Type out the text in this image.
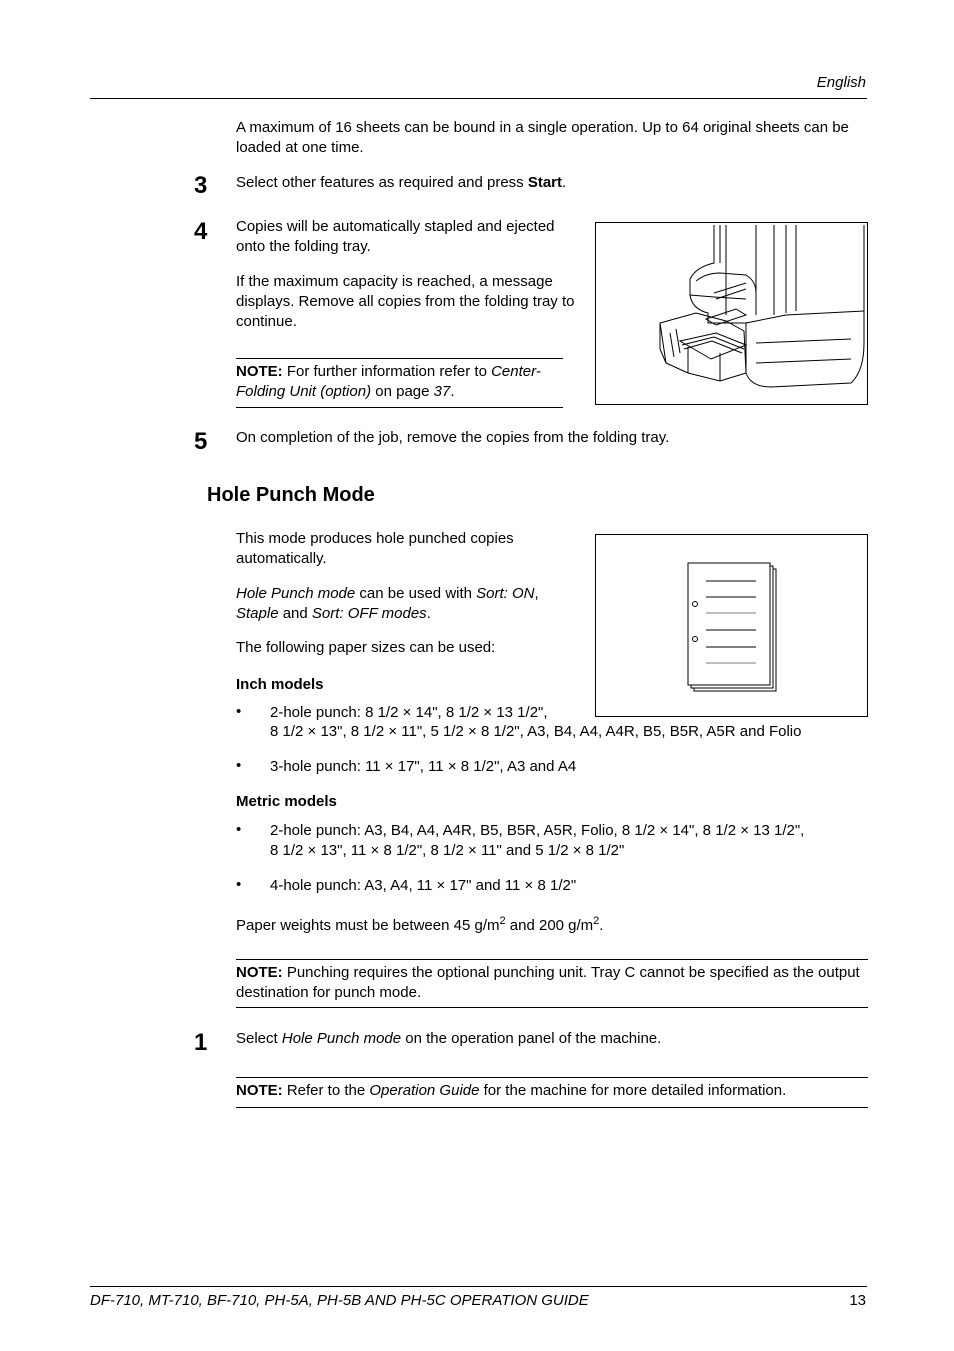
English
A maximum of 16 sheets can be bound in a single operation. Up to 64 original sheets can be loaded at one time.
3 Select other features as required and press Start.
4 Copies will be automatically stapled and ejected onto the folding tray.
If the maximum capacity is reached, a message displays. Remove all copies from the folding tray to continue.
NOTE: For further information refer to Center-Folding Unit (option) on page 37.
5 On completion of the job, remove the copies from the folding tray.
Hole Punch Mode
This mode produces hole punched copies automatically.
Hole Punch mode can be used with Sort: ON, Staple and Sort: OFF modes.
The following paper sizes can be used:
Inch models
• 2-hole punch: 8 1/2 × 14", 8 1/2 × 13 1/2",
8 1/2 × 13", 8 1/2 × 11", 5 1/2 × 8 1/2", A3, B4, A4, A4R, B5, B5R, A5R and Folio
• 3-hole punch: 11 × 17", 11 × 8 1/2", A3 and A4
Metric models
• 2-hole punch: A3, B4, A4, A4R, B5, B5R, A5R, Folio, 8 1/2 × 14", 8 1/2 × 13 1/2",
8 1/2 × 13", 11 × 8 1/2", 8 1/2 × 11" and 5 1/2 × 8 1/2"
• 4-hole punch: A3, A4, 11 × 17" and 11 × 8 1/2"
Paper weights must be between 45 $g/m^2$ and 200 $g/m^2$.
NOTE: Punching requires the optional punching unit. Tray C cannot be specified as the output destination for punch mode.
1 Select Hole Punch mode on the operation panel of the machine.
NOTE: Refer to the Operation Guide for the machine for more detailed information.
DF-710, MT-710, BF-710, PH-5A, PH-5B AND PH-5C OPERATION GUIDE	13
